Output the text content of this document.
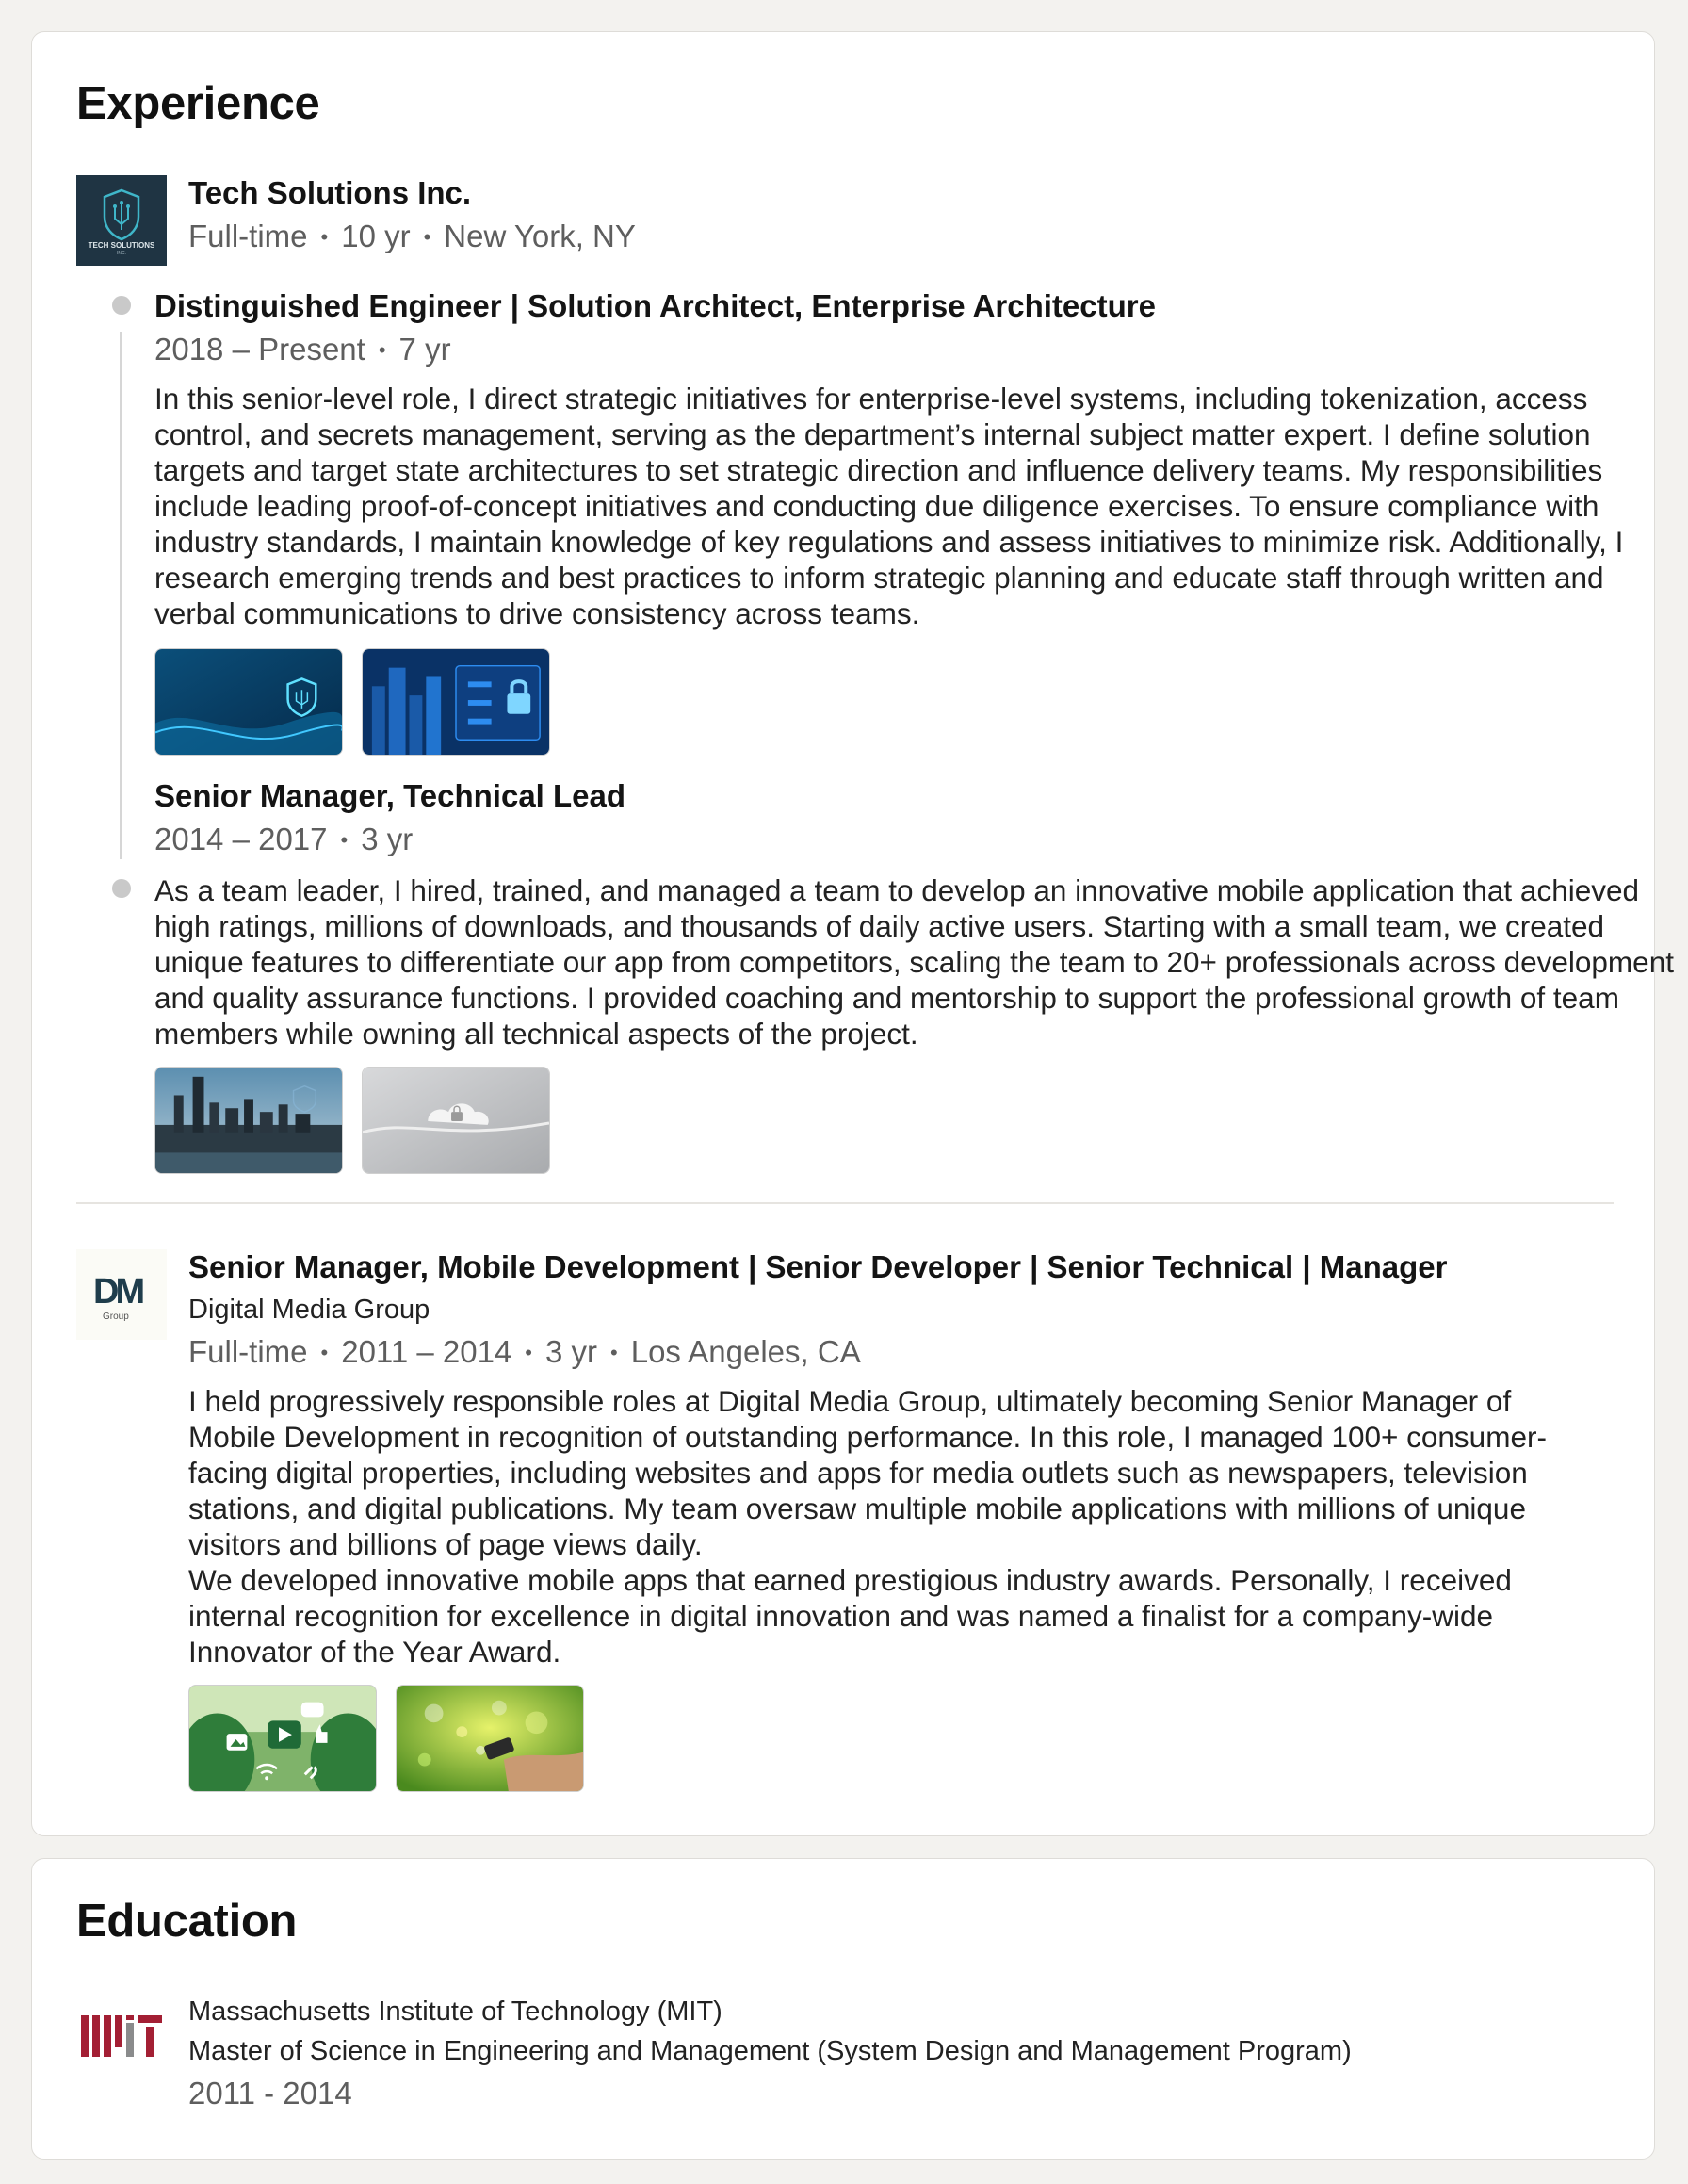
Experience
TECH SOLUTIONS
INC.
Tech Solutions Inc.
Full-time • 10 yr • New York, NY
Distinguished Engineer | Solution Architect, Enterprise Architecture
2018 – Present • 7 yr

In this senior-level role, I direct strategic initiatives for enterprise-level systems, including tokenization, access control, and secrets management, serving as the department’s internal subject matter expert. I define solution targets and target state architectures to set strategic direction and influence delivery teams. My responsibilities include leading proof-of-concept initiatives and conducting due diligence exercises. To ensure compliance with industry standards, I maintain knowledge of key regulations and assess initiatives to minimize risk. Additionally, I research emerging trends and best practices to inform strategic planning and educate staff through written and verbal communications to drive consistency across teams.

Senior Manager, Technical Lead
2014 – 2017 • 3 yr

As a team leader, I hired, trained, and managed a team to develop an innovative mobile application that achieved high ratings, millions of downloads, and thousands of daily active users. Starting with a small team, we created unique features to differentiate our app from competitors, scaling the team to 20+ professionals across development and quality assurance functions. I provided coaching and mentorship to support the professional growth of team members while owning all technical aspects of the project.

DM
Group
Senior Manager, Mobile Development | Senior Developer | Senior Technical | Manager
Digital Media Group
Full-time • 2011 – 2014 • 3 yr • Los Angeles, CA

I held progressively responsible roles at Digital Media Group, ultimately becoming Senior Manager of Mobile Development in recognition of outstanding performance. In this role, I managed 100+ consumer-facing digital properties, including websites and apps for media outlets such as newspapers, television stations, and digital publications. My team oversaw multiple mobile applications with millions of unique visitors and billions of page views daily.

We developed innovative mobile apps that earned prestigious industry awards. Personally, I received internal recognition for excellence in digital innovation and was named a finalist for a company-wide Innovator of the Year Award.

Education
Massachusetts Institute of Technology (MIT)
Master of Science in Engineering and Management (System Design and Management Program)
2011 - 2014
